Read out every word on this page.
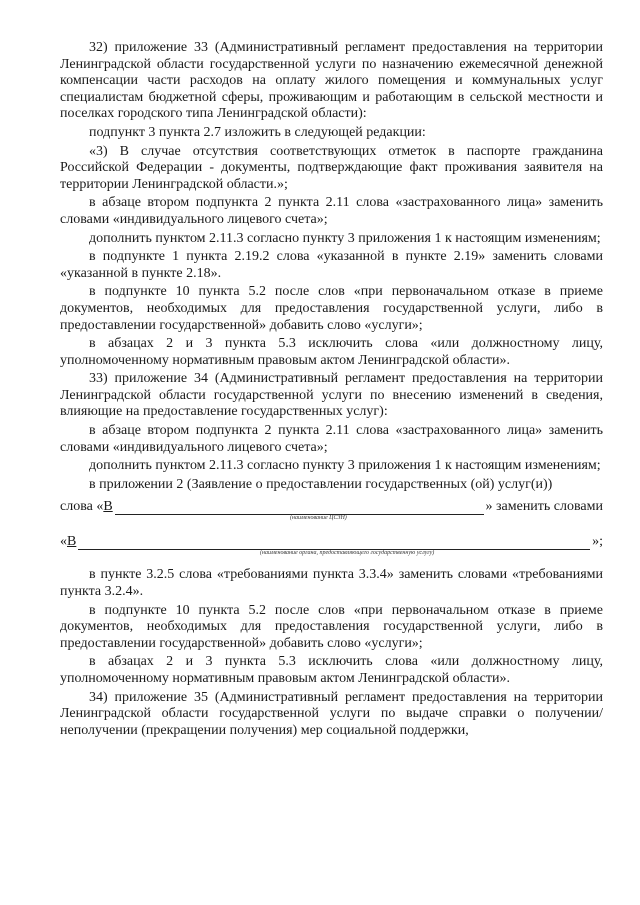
32) приложение 33 (Административный регламент предоставления на территории Ленинградской области государственной услуги по назначению ежемесячной денежной компенсации части расходов на оплату жилого помещения и коммунальных услуг специалистам бюджетной сферы, проживающим и работающим в сельской местности и поселках городского типа Ленинградской области):

подпункт 3 пункта 2.7 изложить в следующей редакции:

«3) В случае отсутствия соответствующих отметок в паспорте гражданина Российской Федерации - документы, подтверждающие факт проживания заявителя на территории Ленинградской области.»;

в абзаце втором подпункта 2 пункта 2.11 слова «застрахованного лица» заменить словами «индивидуального лицевого счета»;

дополнить пунктом 2.11.3 согласно пункту 3 приложения 1 к настоящим изменениям;

в подпункте 1 пункта 2.19.2 слова «указанной в пункте 2.19» заменить словами «указанной в пункте 2.18».

в подпункте 10 пункта 5.2 после слов «при первоначальном отказе в приеме документов, необходимых для предоставления государственной услуги, либо в предоставлении государственной» добавить слово «услуги»;

в абзацах 2 и 3 пункта 5.3 исключить слова «или должностному лицу, уполномоченному нормативным правовым актом Ленинградской области».

33) приложение 34 (Административный регламент предоставления на территории Ленинградской области государственной услуги по внесению изменений в сведения, влияющие на предоставление государственных услуг):

в абзаце втором подпункта 2 пункта 2.11 слова «застрахованного лица» заменить словами «индивидуального лицевого счета»;

дополнить пунктом 2.11.3 согласно пункту 3 приложения 1 к настоящим изменениям;

в приложении 2 (Заявление о предоставлении государственных (ой) услуг(и))

слова « В	» заменить словами
(наименование ЦСЗН)
« В	»;
(наименование органа, предоставляющего государственную услугу)

в пункте 3.2.5 слова «требованиями пункта 3.3.4» заменить словами «требованиями пункта 3.2.4».

в подпункте 10 пункта 5.2 после слов «при первоначальном отказе в приеме документов, необходимых для предоставления государственной услуги, либо в предоставлении государственной» добавить слово «услуги»;

в абзацах 2 и 3 пункта 5.3 исключить слова «или должностному лицу, уполномоченному нормативным правовым актом Ленинградской области».

34) приложение 35 (Административный регламент предоставления на территории Ленинградской области государственной услуги по выдаче справки о получении/неполучении (прекращении получения) мер социальной поддержки,
